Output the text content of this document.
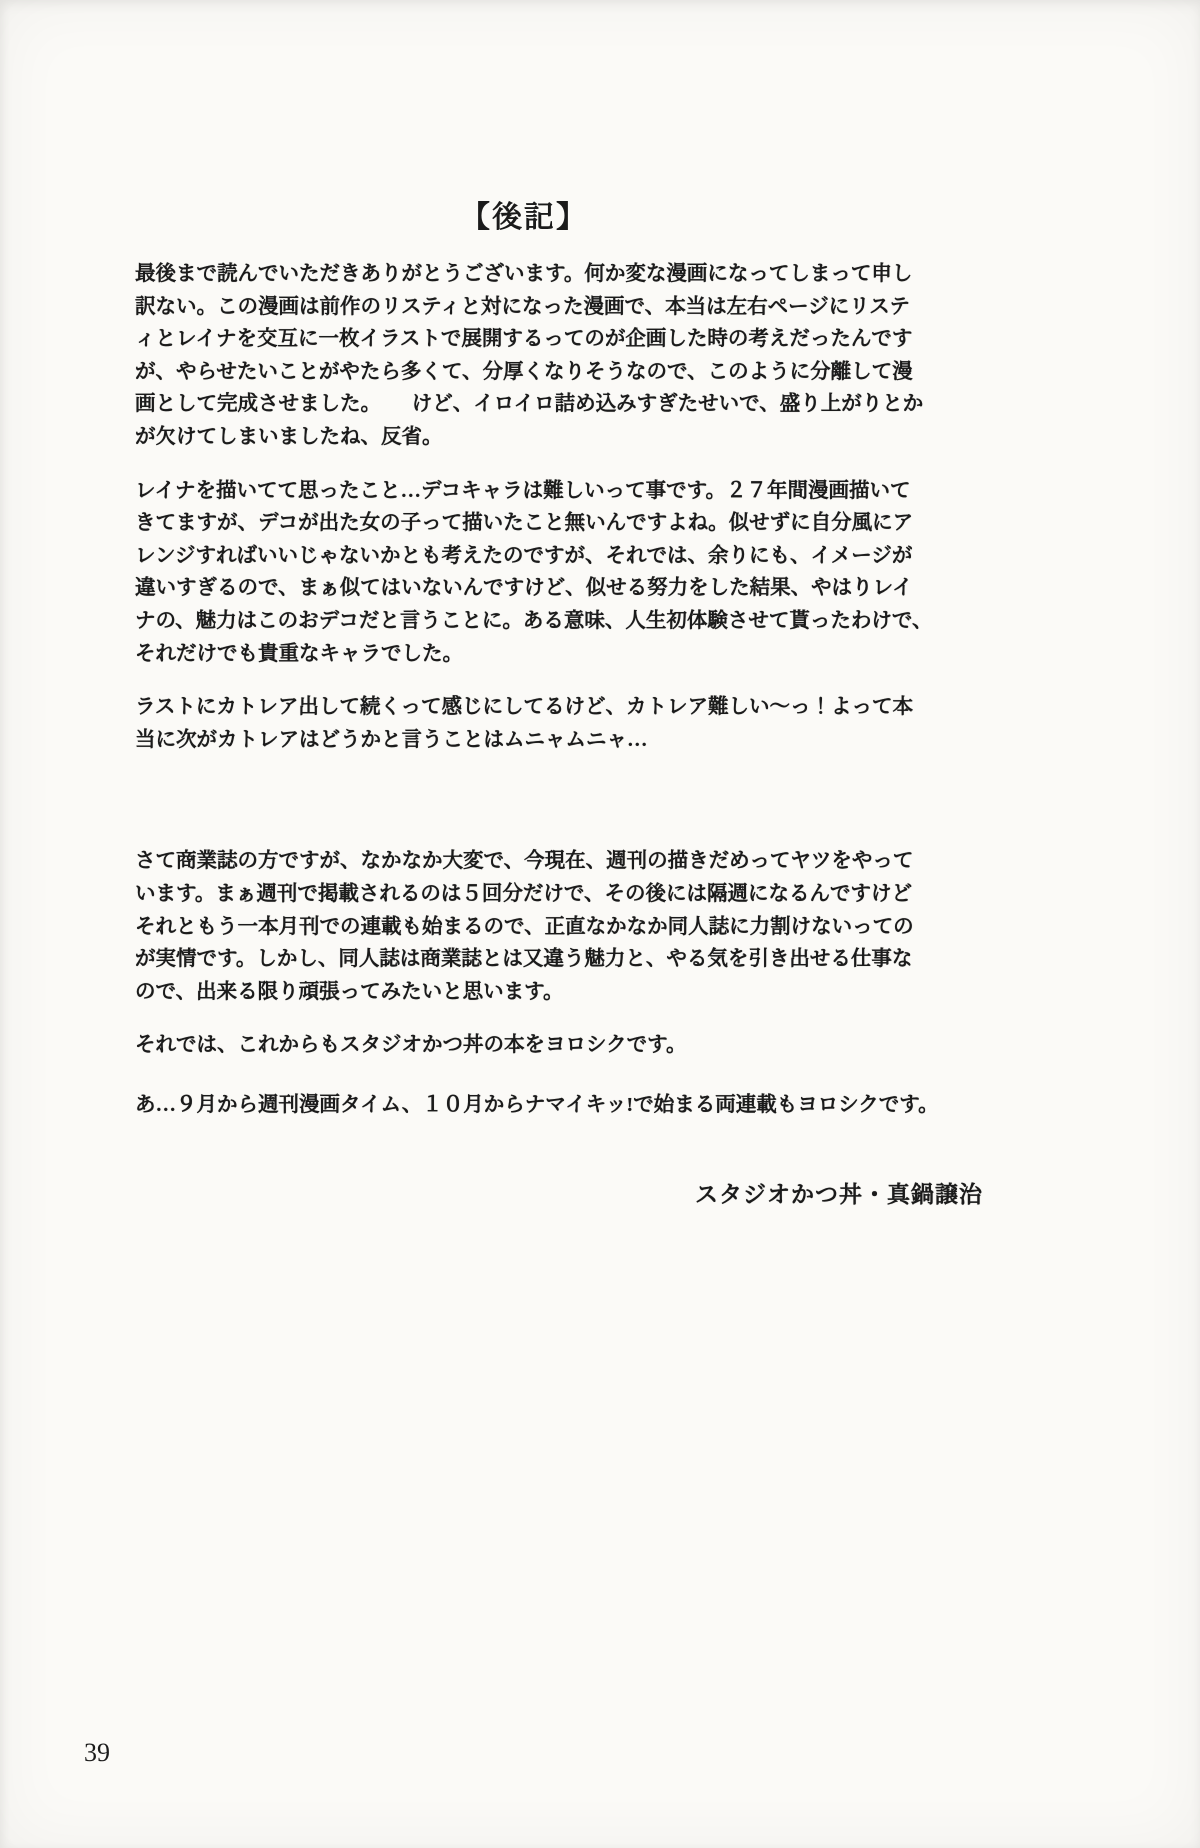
【後記】
最後まで読んでいただきありがとうございます。何か変な漫画になってしまって申し
訳ない。この漫画は前作のリスティと対になった漫画で、本当は左右ページにリステ
ィとレイナを交互に一枚イラストで展開するってのが企画した時の考えだったんです
が、やらせたいことがやたら多くて、分厚くなりそうなので、このように分離して漫
画として完成させました。　　けど、イロイロ詰め込みすぎたせいで、盛り上がりとか
が欠けてしまいましたね、反省。
レイナを描いてて思ったこと…デコキャラは難しいって事です。２７年間漫画描いて
きてますが、デコが出た女の子って描いたこと無いんですよね。似せずに自分風にア
レンジすればいいじゃないかとも考えたのですが、それでは、余りにも、イメージが
違いすぎるので、まぁ似てはいないんですけど、似せる努力をした結果、やはりレイ
ナの、魅力はこのおデコだと言うことに。ある意味、人生初体験させて貰ったわけで、
それだけでも貴重なキャラでした。
ラストにカトレア出して続くって感じにしてるけど、カトレア難しい～っ！よって本
当に次がカトレアはどうかと言うことはムニャムニャ…
さて商業誌の方ですが、なかなか大変で、今現在、週刊の描きだめってヤツをやって
います。まぁ週刊で掲載されるのは５回分だけで、その後には隔週になるんですけど
それともう一本月刊での連載も始まるので、正直なかなか同人誌に力割けないっての
が実情です。しかし、同人誌は商業誌とは又違う魅力と、やる気を引き出せる仕事な
ので、出来る限り頑張ってみたいと思います。
それでは、これからもスタジオかつ丼の本をヨロシクです。
あ…９月から週刊漫画タイム、１０月からナマイキッ!で始まる両連載もヨロシクです。
スタジオかつ丼・真鍋譲治
39
